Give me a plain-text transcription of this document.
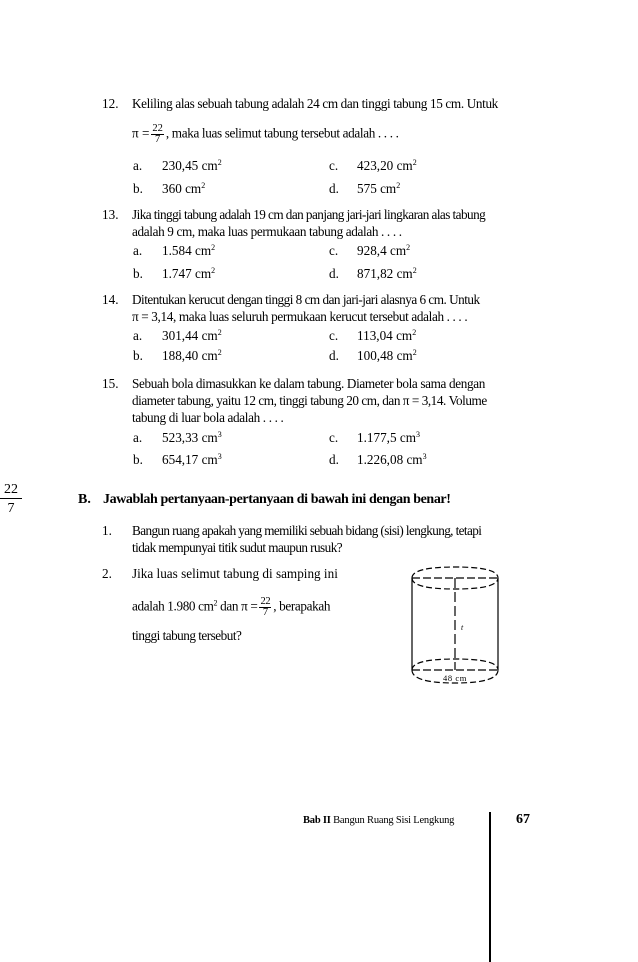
12. Keliling alas sebuah tabung adalah 24 cm dan tinggi tabung 15 cm. Untuk
$\pi = \frac{22}{7}$ , maka luas selimut tabung tersebut adalah . . . .
a. 230,45 $cm^2$	c. 423,20 $cm^2$
b. 360 $cm^2$	d. 575 $cm^2$
13. Jika tinggi tabung adalah 19 cm dan panjang jari-jari lingkaran alas tabung
adalah 9 cm, maka luas permukaan tabung adalah . . . .
a. 1.584 $cm^2$	c. 928,4 $cm^2$
b. 1.747 $cm^2$	d. 871,82 $cm^2$
14. Ditentukan kerucut dengan tinggi 8 cm dan jari-jari alasnya 6 cm. Untuk
π = 3,14, maka luas seluruh permukaan kerucut tersebut adalah . . . .
a. 301,44 $cm^2$	c. 113,04 $cm^2$
b. 188,40 $cm^2$	d. 100,48 $cm^2$
15. Sebuah bola dimasukkan ke dalam tabung. Diameter bola sama dengan
diameter tabung, yaitu 12 cm, tinggi tabung 20 cm, dan π = 3,14. Volume
tabung di luar bola adalah . . . .
a. 523,33 $cm^3$	c. 1.177,5 $cm^3$
b. 654,17 $cm^3$	d. 1.226,08 $cm^3$
$\frac{22}{7}$	B. Jawablah pertanyaan-pertanyaan di bawah ini dengan benar!
1. Bangun ruang apakah yang memiliki sebuah bidang (sisi) lengkung, tetapi
tidak mempunyai titik sudut maupun rusuk?
2. Jika luas selimut tabung di samping ini
adalah 1.980 $cm^2$ dan $\pi = \frac{22}{7}$ , berapakah
tinggi tabung tersebut?
t
48 cm
Bab II Bangun Ruang Sisi Lengkung	67
